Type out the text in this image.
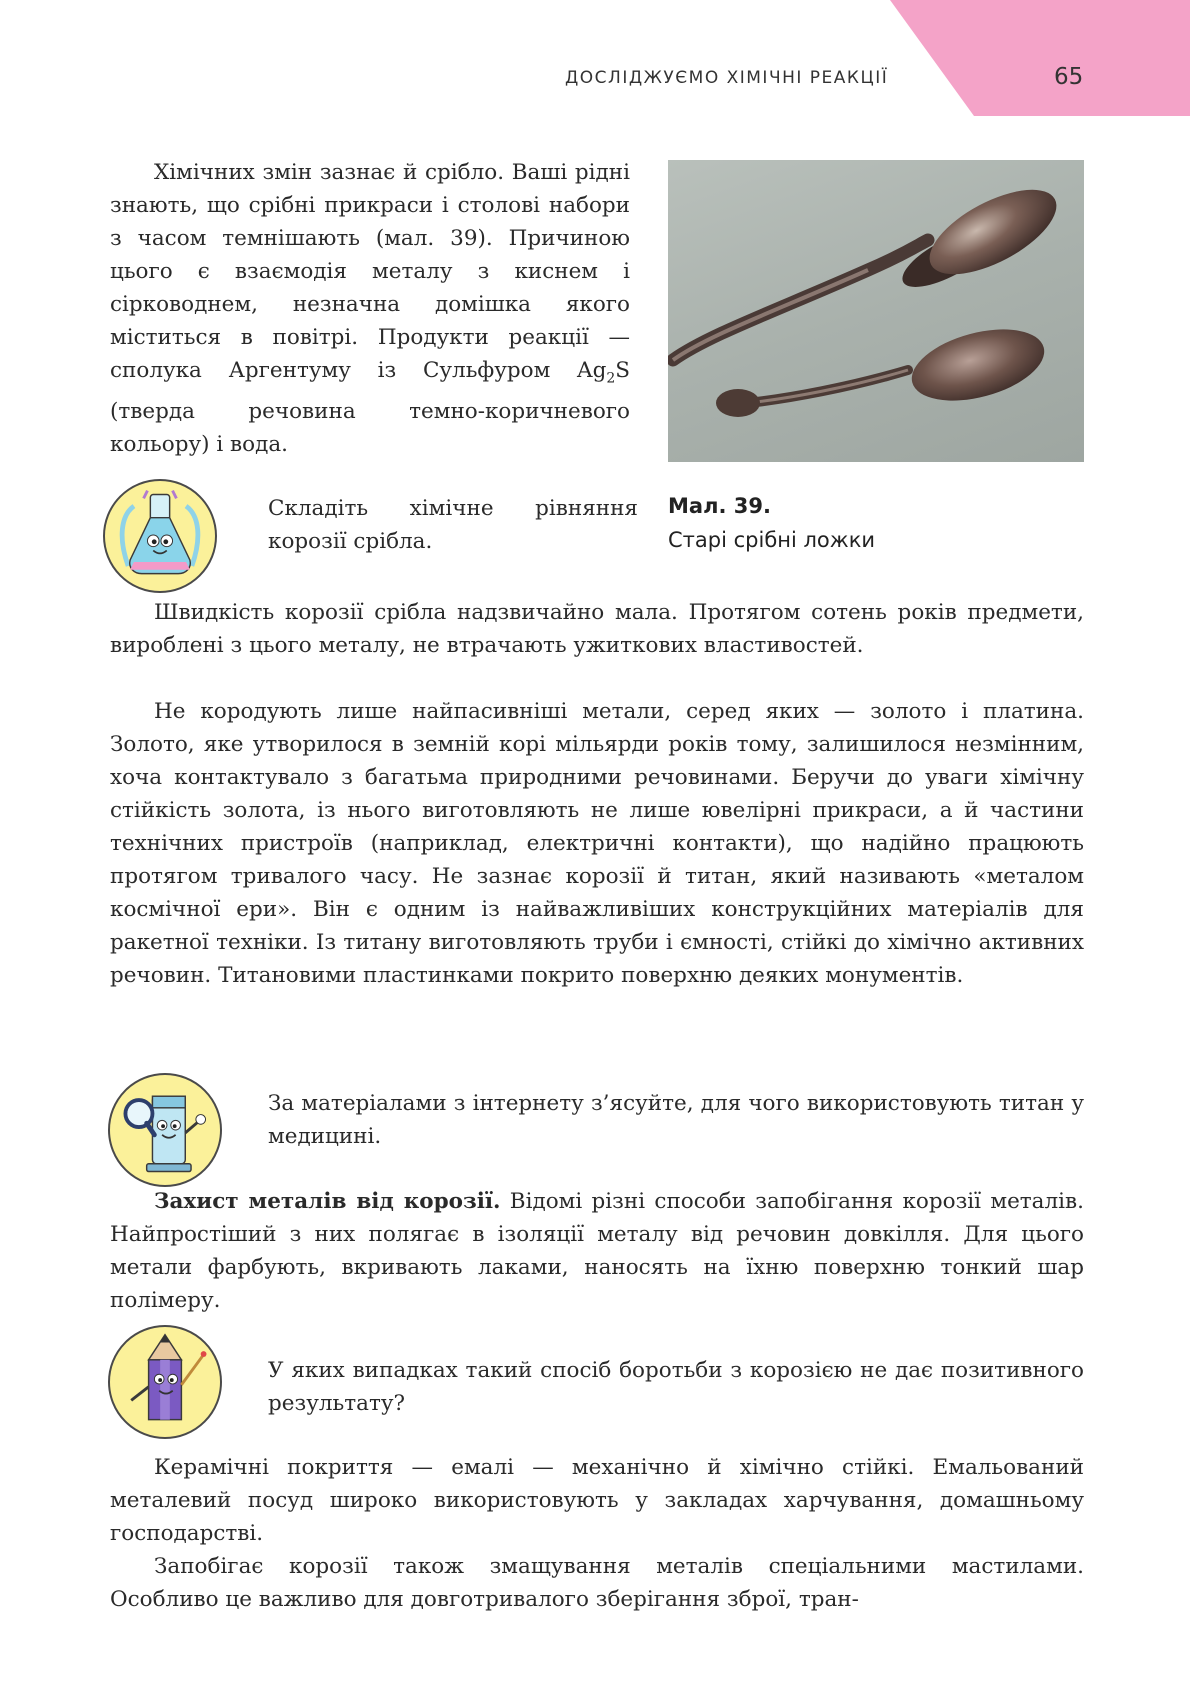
ДОСЛІДЖУЄМО ХІМІЧНІ РЕАКЦІЇ	65

Хімічних змін зазнає й срібло. Ваші рідні знають, що срібні прикраси і столові набори з часом темнішають (мал. 39). Причиною цього є взаємодія металу з киснем і сірководнем, незначна домішка якого міститься в повітрі. Продукти реакції — сполука Аргентуму із Сульфуром $Ag_2S$ (тверда речовина темно-коричневого кольору) і вода.

Мал. 39.
Старі срібні ложки

Складіть хімічне рівняння корозії срібла.

Швидкість корозії срібла надзвичайно мала. Протягом сотень років предмети, вироблені з цього металу, не втрачають ужиткових властивостей.

Не кородують лише найпасивніші метали, серед яких — золото і платина. Золото, яке утворилося в земній корі мільярди років тому, залишилося незмінним, хоча контактувало з багатьма природними речовинами. Беручи до уваги хімічну стійкість золота, із нього виготовляють не лише ювелірні прикраси, а й частини технічних пристроїв (наприклад, електричні контакти), що надійно працюють протягом тривалого часу. Не зазнає корозії й титан, який називають «металом космічної ери». Він є одним із найважливіших конструкційних матеріалів для ракетної техніки. Із титану виготовляють труби і ємності, стійкі до хімічно активних речовин. Титановими пластинками покрито поверхню деяких монументів.

За матеріалами з інтернету з’ясуйте, для чого використовують титан у медицині.

Захист металів від корозії. Відомі різні способи запобігання корозії металів. Найпростіший з них полягає в ізоляції металу від речовин довкілля. Для цього метали фарбують, вкривають лаками, наносять на їхню поверхню тонкий шар полімеру.

У яких випадках такий спосіб боротьби з корозією не дає позитивного результату?

Керамічні покриття — емалі — механічно й хімічно стійкі. Емальований металевий посуд широко використовують у закладах харчування, домашньому господарстві.

Запобігає корозії також змащування металів спеціальними мастилами. Особливо це важливо для довготривалого зберігання зброї, тран-
